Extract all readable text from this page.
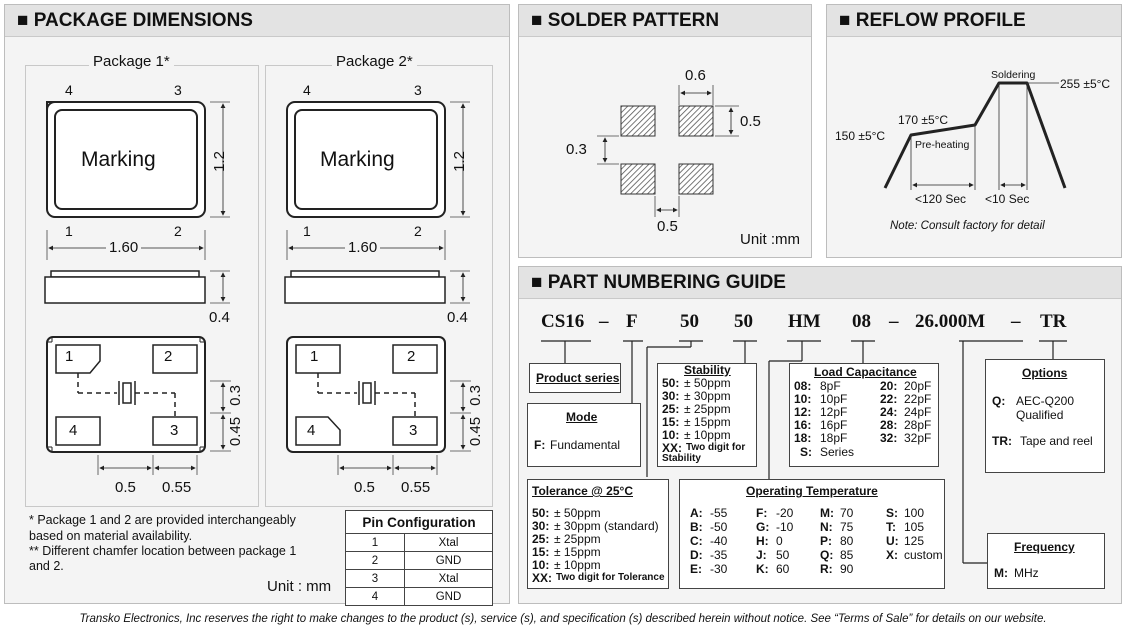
■ PACKAGE DIMENSIONS
Package 1*	Package 2*
4	3
Marking	1.2
1	2
1.60
0.4
1	2
4	3
0.3
0.45
0.5 0.55
4	3
Marking	1.2
1	2
1.60
0.4
1	2
4	3
0.3
0.45
0.5 0.55
* Package 1 and 2 are provided interchangeably
based on material availability.
** Different chamfer location between package 1
and 2.
Unit : mm
Pin Configuration	
1	Xtal
2	GND
3	Xtal
4	GND
■ SOLDER PATTERN
0.6
0.5
0.3
0.5
Unit :mm
■ REFLOW PROFILE
Soldering
255 ±5°C
170 ±5°C
150 ±5°C
Pre-heating
<120 Sec <10 Sec
Note: Consult factory for detail
■ PART NUMBERING GUIDE
CS16 – F 50 50 HM 08 – 26.000M – TR
Product series
Mode
F: Fundamental
Stability
50: ± 50ppm
30: ± 30ppm
25: ± 25ppm
15: ± 15ppm
10: ± 10ppm
XX: Two digit for
Stability
Load Capacitance
08: 8pF
10: 10pF
12: 12pF
16: 16pF
18: 18pF
20: 20pF
22: 22pF
24: 24pF
28: 28pF
32: 32pF
S: Series
Options
Q: AEC-Q200
Qualified
TR: Tape and reel
Tolerance @ 25°C
50: ± 50ppm
30: ± 30ppm (standard)
25: ± 25ppm
15: ± 15ppm
10: ± 10ppm
XX: Two digit for Tolerance
Operating Temperature
A: -55
B: -50
C: -40
D: -35
E: -30
F: -20
G: -10
H: 0
J: 50
K: 60
M: 70
N: 75
P: 80
Q: 85
R: 90
S: 100
T: 105
U: 125
X: custom
Frequency
M: MHz
Transko Electronics, Inc reserves the right to make changes to the product (s), service (s), and specification (s) described herein without notice. See “Terms of Sale” for details on our website.
